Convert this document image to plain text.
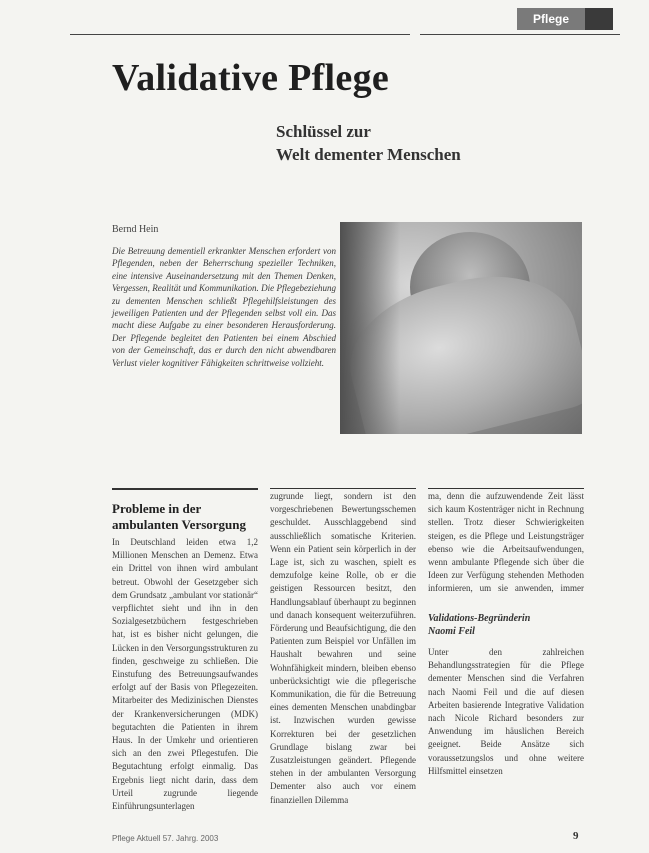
Pflege
Validative Pflege
Schlüssel zur
Welt dementer Menschen
Bernd Hein
Die Betreuung dementiell erkrankter Menschen erfordert von Pflegenden, neben der Beherrschung spezieller Techniken, eine intensive Auseinandersetzung mit den Themen Denken, Vergessen, Realität und Kommunikation. Die Pflegebeziehung zu dementen Menschen schließt Pflegehilfsleistungen des jeweiligen Patienten und der Pflegenden selbst voll ein. Das macht diese Aufgabe zu einer besonderen Herausforderung. Der Pflegende begleitet den Patienten bei einem Abschied von der Gemeinschaft, das er durch den nicht abwendbaren Verlust vieler kognitiver Fähigkeiten schrittweise vollzieht.
Probleme in der
ambulanten Versorgung
In Deutschland leiden etwa 1,2 Millionen Menschen an Demenz. Etwa ein Drittel von ihnen wird ambulant betreut. Obwohl der Gesetzgeber sich dem Grundsatz „ambulant vor stationär“ verpflichtet sieht und ihn in den Sozialgesetzbüchern festgeschrieben hat, ist es bisher nicht gelungen, die Lücken in den Versorgungsstrukturen zu finden, geschweige zu schließen. Die Einstufung des Betreuungsaufwandes erfolgt auf der Basis von Pflegezeiten. Mitarbeiter des Medizinischen Dienstes der Krankenversicherungen (MDK) begutachten die Patienten in ihrem Haus. In der Umkehr und orientieren sich an den zwei Pflegestufen. Die Begutachtung erfolgt einmalig. Das Ergebnis liegt nicht darin, dass dem Urteil zugrunde liegende Einführungsunterlagen
zugrunde liegt, sondern ist den vorgeschriebenen Bewertungsschemen geschuldet. Ausschlaggebend sind ausschließlich somatische Kriterien. Wenn ein Patient sein körperlich in der Lage ist, sich zu waschen, spielt es demzufolge keine Rolle, ob er die geistigen Ressourcen besitzt, den Handlungsablauf überhaupt zu beginnen und danach konsequent weiterzuführen. Förderung und Beaufsichtigung, die den Patienten zum Beispiel vor Unfällen im Haushalt bewahren und seine Wohnfähigkeit mindern, bleiben ebenso unberücksichtigt wie die pflegerische Kommunikation, die für die Betreuung eines dementen Menschen unabdingbar ist. Inzwischen wurden gewisse Korrekturen bei der gesetzlichen Grundlage bislang zwar bei Zusatzleistungen geändert. Pflegende stehen in der ambulanten Versorgung Dementer also auch vor einem finanziellen Dilemma
ma, denn die aufzuwendende Zeit lässt sich kaum Kostenträger nicht in Rechnung stellen. Trotz dieser Schwierigkeiten steigen, es die Pflege und Leistungsträger ebenso wie die Arbeitsaufwendungen, wenn ambulante Pflegende sich über die Ideen zur Verfügung stehenden Methoden informieren, um sie anwenden, immer
Validations-Begründerin
Naomi Feil
Unter den zahlreichen Behandlungsstrategien für die Pflege dementer Menschen sind die Verfahren nach Naomi Feil und die auf diesen Arbeiten basierende Integrative Validation nach Nicole Richard besonders zur Anwendung im häuslichen Bereich geeignet. Beide Ansätze sich voraussetzungslos und ohne weitere Hilfsmittel einsetzen
Pflege Aktuell 57. Jahrg. 2003	9
